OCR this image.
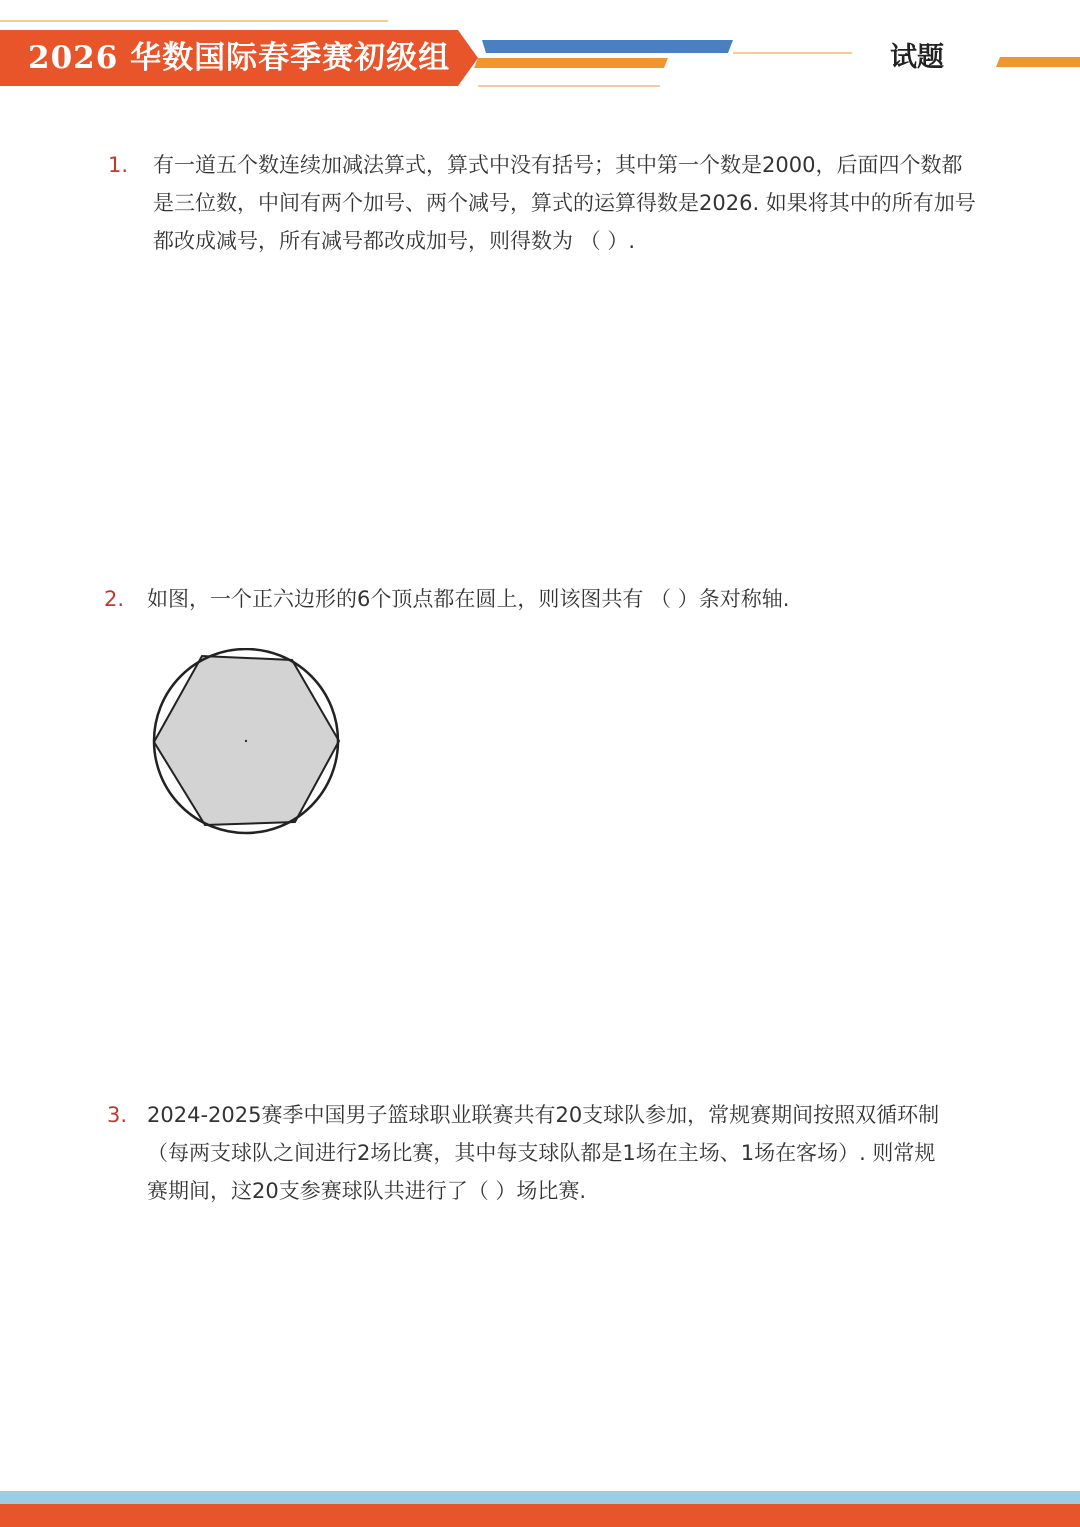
2026 华数国际春季赛初级组	试题
1. 有一道五个数连续加减法算式，算式中没有括号；其中第一个数是2000，后面四个数都是三位数，中间有两个加号、两个减号，算式的运算得数是2026. 如果将其中的所有加号都改成减号，所有减号都改成加号，则得数为 （ ）.
2. 如图，一个正六边形的6个顶点都在圆上，则该图共有 （ ）条对称轴.
3. 2024-2025赛季中国男子篮球职业联赛共有20支球队参加，常规赛期间按照双循环制（每两支球队之间进行2场比赛，其中每支球队都是1场在主场、1场在客场）. 则常规赛期间，这20支参赛球队共进行了（ ）场比赛.
